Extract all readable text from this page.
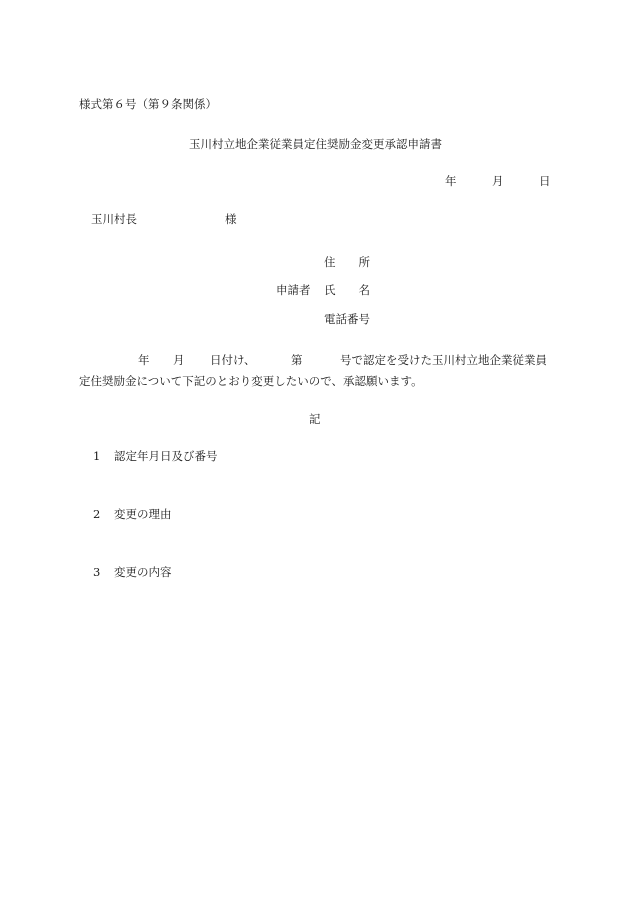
様式第６号（第９条関係）
玉川村立地企業従業員定住奨励金変更承認申請書
年	月	日
玉川村長	様
住　　所
申請者 氏　　名
電話番号
年 月 日付け、	第	号で認定を受けた玉川村立地企業従業員
定住奨励金について下記のとおり変更したいので、承認願います。
記
1 認定年月日及び番号
2 変更の理由
3 変更の内容
